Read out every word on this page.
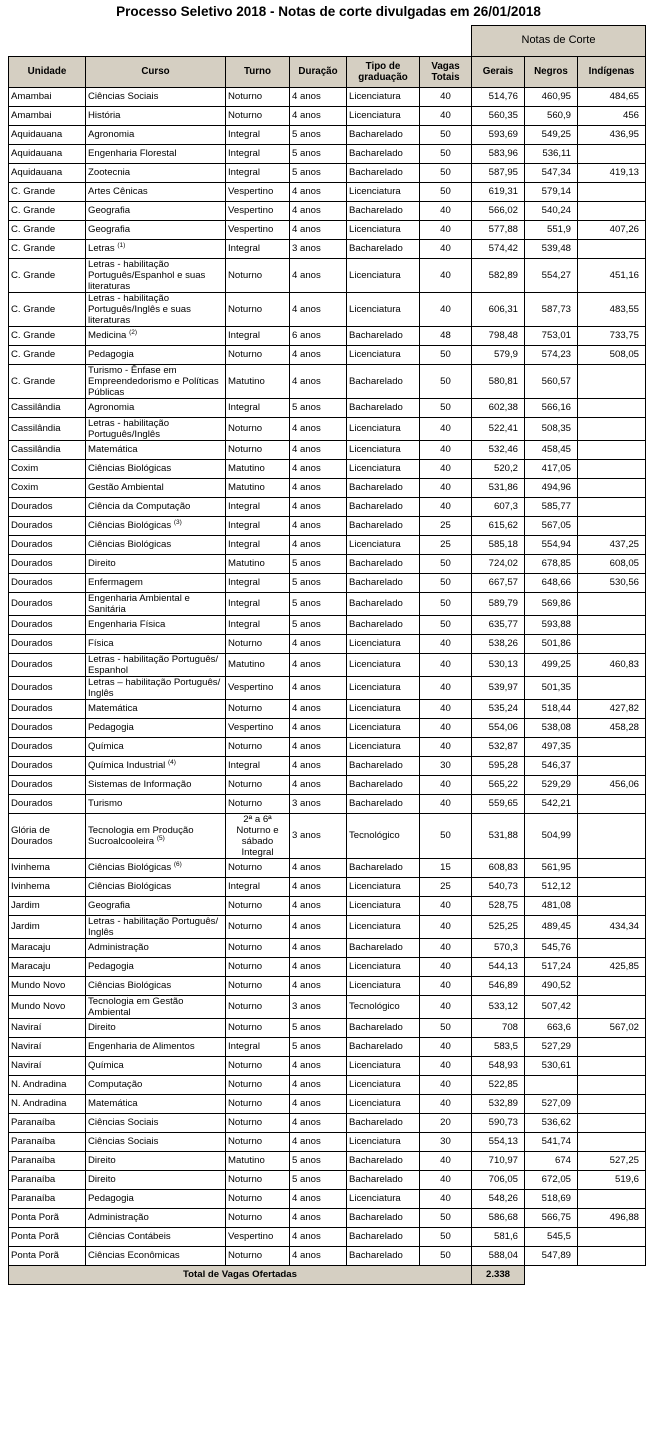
Processo Seletivo 2018 - Notas de corte divulgadas em 26/01/2018
						Notas de Corte		
Unidade	Curso	Turno	Duração	Tipo de graduação	Vagas Totais	Gerais	Negros	Indígenas
Amambai	Ciências Sociais	Noturno	4 anos	Licenciatura	40	514,76	460,95	484,65
Amambai	História	Noturno	4 anos	Licenciatura	40	560,35	560,9	456
Aquidauana	Agronomia	Integral	5 anos	Bacharelado	50	593,69	549,25	436,95
Aquidauana	Engenharia Florestal	Integral	5 anos	Bacharelado	50	583,96	536,11	
Aquidauana	Zootecnia	Integral	5 anos	Bacharelado	50	587,95	547,34	419,13
C. Grande	Artes Cênicas	Vespertino	4 anos	Licenciatura	50	619,31	579,14	
C. Grande	Geografia	Vespertino	4 anos	Bacharelado	40	566,02	540,24	
C. Grande	Geografia	Vespertino	4 anos	Licenciatura	40	577,88	551,9	407,26
C. Grande	Letras $^{(1)}$	Integral	3 anos	Bacharelado	40	574,42	539,48	
C. Grande	Letras - habilitação Português/Espanhol e suas literaturas	Noturno	4 anos	Licenciatura	40	582,89	554,27	451,16
C. Grande	Letras - habilitação Português/Inglês e suas literaturas	Noturno	4 anos	Licenciatura	40	606,31	587,73	483,55
C. Grande	Medicina $^{(2)}$	Integral	6 anos	Bacharelado	48	798,48	753,01	733,75
C. Grande	Pedagogia	Noturno	4 anos	Licenciatura	50	579,9	574,23	508,05
C. Grande	Turismo - Ênfase em Empreendedorismo e Políticas Públicas	Matutino	4 anos	Bacharelado	50	580,81	560,57	
Cassilândia	Agronomia	Integral	5 anos	Bacharelado	50	602,38	566,16	
Cassilândia	Letras - habilitação Português/Inglês	Noturno	4 anos	Licenciatura	40	522,41	508,35	
Cassilândia	Matemática	Noturno	4 anos	Licenciatura	40	532,46	458,45	
Coxim	Ciências Biológicas	Matutino	4 anos	Licenciatura	40	520,2	417,05	
Coxim	Gestão Ambiental	Matutino	4 anos	Bacharelado	40	531,86	494,96	
Dourados	Ciência da Computação	Integral	4 anos	Bacharelado	40	607,3	585,77	
Dourados	Ciências Biológicas $^{(3)}$	Integral	4 anos	Bacharelado	25	615,62	567,05	
Dourados	Ciências Biológicas	Integral	4 anos	Licenciatura	25	585,18	554,94	437,25
Dourados	Direito	Matutino	5 anos	Bacharelado	50	724,02	678,85	608,05
Dourados	Enfermagem	Integral	5 anos	Bacharelado	50	667,57	648,66	530,56
Dourados	Engenharia Ambiental e Sanitária	Integral	5 anos	Bacharelado	50	589,79	569,86	
Dourados	Engenharia Física	Integral	5 anos	Bacharelado	50	635,77	593,88	
Dourados	Física	Noturno	4 anos	Licenciatura	40	538,26	501,86	
Dourados	Letras - habilitação Português/ Espanhol	Matutino	4 anos	Licenciatura	40	530,13	499,25	460,83
Dourados	Letras – habilitação Português/ Inglês	Vespertino	4 anos	Licenciatura	40	539,97	501,35	
Dourados	Matemática	Noturno	4 anos	Licenciatura	40	535,24	518,44	427,82
Dourados	Pedagogia	Vespertino	4 anos	Licenciatura	40	554,06	538,08	458,28
Dourados	Química	Noturno	4 anos	Licenciatura	40	532,87	497,35	
Dourados	Química Industrial $^{(4)}$	Integral	4 anos	Bacharelado	30	595,28	546,37	
Dourados	Sistemas de Informação	Noturno	4 anos	Bacharelado	40	565,22	529,29	456,06
Dourados	Turismo	Noturno	3 anos	Bacharelado	40	559,65	542,21	
Glória de Dourados	Tecnologia em Produção Sucroalcooleira $^{(5)}$	2ª a 6ª Noturno e sábado Integral	3 anos	Tecnológico	50	531,88	504,99	
Ivinhema	Ciências Biológicas $^{(6)}$	Noturno	4 anos	Bacharelado	15	608,83	561,95	
Ivinhema	Ciências Biológicas	Integral	4 anos	Licenciatura	25	540,73	512,12	
Jardim	Geografia	Noturno	4 anos	Licenciatura	40	528,75	481,08	
Jardim	Letras - habilitação Português/ Inglês	Noturno	4 anos	Licenciatura	40	525,25	489,45	434,34
Maracaju	Administração	Noturno	4 anos	Bacharelado	40	570,3	545,76	
Maracaju	Pedagogia	Noturno	4 anos	Licenciatura	40	544,13	517,24	425,85
Mundo Novo	Ciências Biológicas	Noturno	4 anos	Licenciatura	40	546,89	490,52	
Mundo Novo	Tecnologia em Gestão Ambiental	Noturno	3 anos	Tecnológico	40	533,12	507,42	
Naviraí	Direito	Noturno	5 anos	Bacharelado	50	708	663,6	567,02
Naviraí	Engenharia de Alimentos	Integral	5 anos	Bacharelado	40	583,5	527,29	
Naviraí	Química	Noturno	4 anos	Licenciatura	40	548,93	530,61	
N. Andradina	Computação	Noturno	4 anos	Licenciatura	40	522,85		
N. Andradina	Matemática	Noturno	4 anos	Licenciatura	40	532,89	527,09	
Paranaíba	Ciências Sociais	Noturno	4 anos	Bacharelado	20	590,73	536,62	
Paranaíba	Ciências Sociais	Noturno	4 anos	Licenciatura	30	554,13	541,74	
Paranaíba	Direito	Matutino	5 anos	Bacharelado	40	710,97	674	527,25
Paranaíba	Direito	Noturno	5 anos	Bacharelado	40	706,05	672,05	519,6
Paranaíba	Pedagogia	Noturno	4 anos	Licenciatura	40	548,26	518,69	
Ponta Porã	Administração	Noturno	4 anos	Bacharelado	50	586,68	566,75	496,88
Ponta Porã	Ciências Contábeis	Vespertino	4 anos	Bacharelado	50	581,6	545,5	
Ponta Porã	Ciências Econômicas	Noturno	4 anos	Bacharelado	50	588,04	547,89	
Total de Vagas Ofertadas						2.338		
